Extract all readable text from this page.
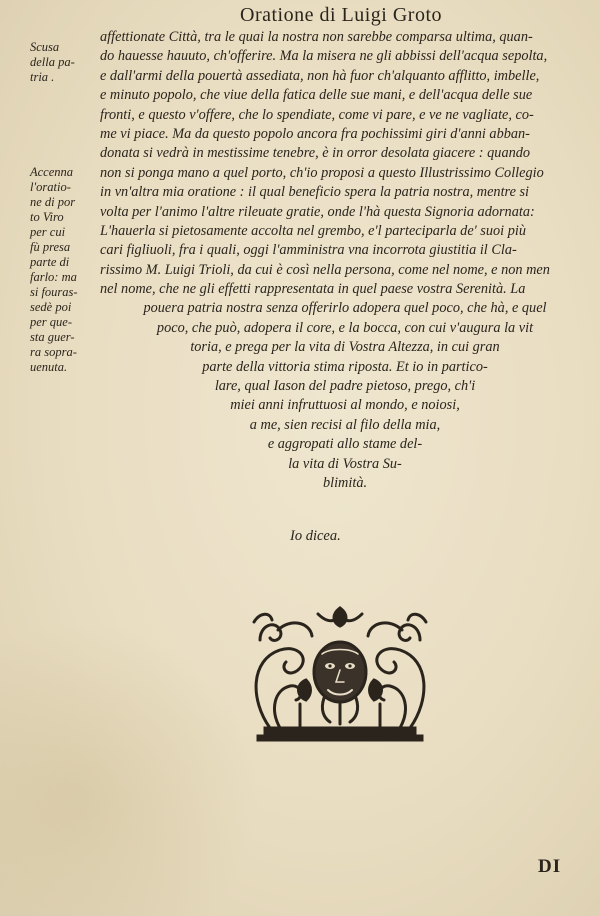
Oratione di Luigi Groto

Scusa

della pa-

tria .

Accenna

l'oratio-

ne di por

to Viro

per cui

fù presa

parte di

farlo: ma

si fouras-

sedè poi

per que-

sta guer-

ra sopra-

uenuta.

affettionate Città, tra le quai la nostra non sarebbe comparsa ultima, quan-

do hauesse hauuto, ch'offerire. Ma la misera ne gli abbissi dell'acqua sepolta,

e dall'armi della pouertà assediata, non hà fuor ch'alquanto afflitto, imbelle,

e minuto popolo, che viue della fatica delle sue mani, e dell'acqua delle sue

fronti, e questo v'offere, che lo spendiate, come vi pare, e ve ne vagliate, co-

me vi piace. Ma da questo popolo ancora fra pochissimi giri d'anni abban-

donata si vedrà in mestissime tenebre, è in orror desolata giacere : quando

non si ponga mano a quel porto, ch'io proposi a questo Illustrissimo Collegio

in vn'altra mia oratione : il qual beneficio spera la patria nostra, mentre si

volta per l'animo l'altre rileuate gratie, onde l'hà questa Signoria adornata:

L'hauerla si pietosamente accolta nel grembo, e'l parteciparla de' suoi più

cari figliuoli, fra i quali, oggi l'amministra vna incorrota giustitia il Cla-

rissimo M. Luigi Trioli, da cui è così nella persona, come nel nome, e non men

nel nome, che ne gli effetti rappresentata in quel paese vostra Serenità. La

pouera patria nostra senza offerirlo adopera quel poco, che hà, e quel

poco, che può, adopera il core, e la bocca, con cui v'augura la vit

toria, e prega per la vita di Vostra Altezza, in cui gran

parte della vittoria stima riposta. Et io in partico-

lare, qual Iason del padre pietoso, prego, ch'i

miei anni infruttuosi al mondo, e noiosi,

a me, sien recisi al filo della mia,

e aggropati allo stame del-

la vita di Vostra Su-

blimità.

Io dicea.
DI
